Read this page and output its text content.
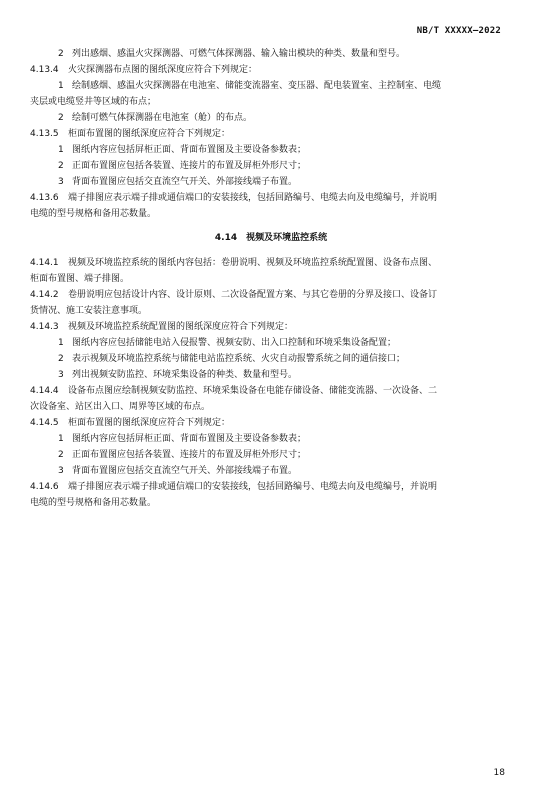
NB/T XXXXX—2022
2 列出感烟、感温火灾探测器、可燃气体探测器、输入输出模块的种类、数量和型号。
4.13.4 火灾探测器布点图的图纸深度应符合下列规定：
1 绘制感烟、感温火灾探测器在电池室、储能变流器室、变压器、配电装置室、主控制室、电缆
夹层或电缆竖井等区域的布点；
2 绘制可燃气体探测器在电池室（舱）的布点。
4.13.5 柜面布置图的图纸深度应符合下列规定：
1 图纸内容应包括屏柜正面、背面布置图及主要设备参数表；
2 正面布置图应包括各装置、连接片的布置及屏柜外形尺寸；
3 背面布置图应包括交直流空气开关、外部接线端子布置。
4.13.6 端子排图应表示端子排或通信端口的安装接线，包括回路编号、电缆去向及电缆编号，并说明
电缆的型号规格和备用芯数量。
4.14　视频及环境监控系统
4.14.1 视频及环境监控系统的图纸内容包括：卷册说明、视频及环境监控系统配置图、设备布点图、
柜面布置图、端子排图。
4.14.2 卷册说明应包括设计内容、设计原则、二次设备配置方案、与其它卷册的分界及接口、设备订
货情况、施工安装注意事项。
4.14.3 视频及环境监控系统配置图的图纸深度应符合下列规定：
1 图纸内容应包括储能电站入侵报警、视频安防、出入口控制和环境采集设备配置；
2 表示视频及环境监控系统与储能电站监控系统、火灾自动报警系统之间的通信接口；
3 列出视频安防监控、环境采集设备的种类、数量和型号。
4.14.4 设备布点图应绘制视频安防监控、环境采集设备在电能存储设备、储能变流器、一次设备、二
次设备室、站区出入口、周界等区域的布点。
4.14.5 柜面布置图的图纸深度应符合下列规定：
1 图纸内容应包括屏柜正面、背面布置图及主要设备参数表；
2 正面布置图应包括各装置、连接片的布置及屏柜外形尺寸；
3 背面布置图应包括交直流空气开关、外部接线端子布置。
4.14.6 端子排图应表示端子排或通信端口的安装接线，包括回路编号、电缆去向及电缆编号，并说明
电缆的型号规格和备用芯数量。
18
